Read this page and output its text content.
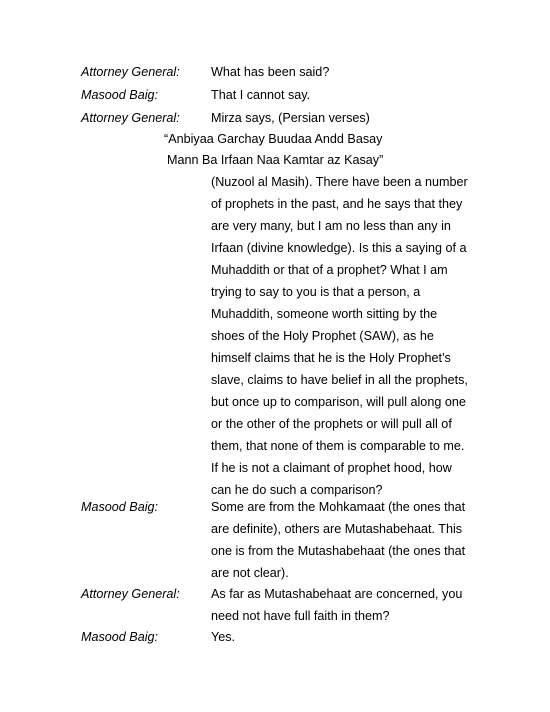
Attorney General: What has been said?
Masood Baig:	That I cannot say.
Attorney General: Mirza says, (Persian verses)
“Anbiyaa Garchay Buudaa Andd Basay
Mann Ba Irfaan Naa Kamtar az Kasay”
(Nuzool al Masih). There have been a number
of prophets in the past, and he says that they
are very many, but I am no less than any in
Irfaan (divine knowledge). Is this a saying of a
Muhaddith or that of a prophet? What I am
trying to say to you is that a person, a
Muhaddith, someone worth sitting by the
shoes of the Holy Prophet (SAW), as he
himself claims that he is the Holy Prophet’s
slave, claims to have belief in all the prophets,
but once up to comparison, will pull along one
or the other of the prophets or will pull all of
them, that none of them is comparable to me.
If he is not a claimant of prophet hood, how
can he do such a comparison?
Masood Baig:	Some are from the Mohkamaat (the ones that
are definite), others are Mutashabehaat. This
one is from the Mutashabehaat (the ones that
are not clear).
Attorney General: As far as Mutashabehaat are concerned, you
need not have full faith in them?
Masood Baig:	Yes.
